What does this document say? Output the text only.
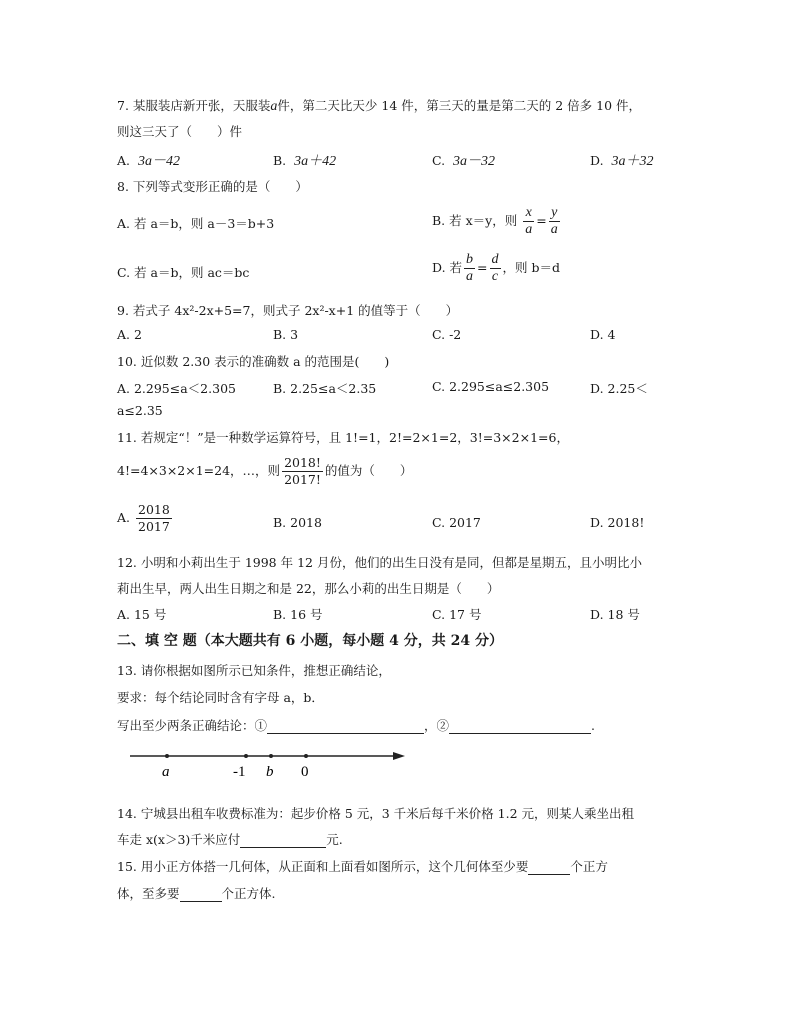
7. 某服装店新开张，天服装a件，第二天比天少 14 件，第三天的量是第二天的 2 倍多 10 件，
则这三天了（　　）件
A. 3a－42	B. 3a＋42	C. 3a－32	D. 3a＋32
8. 下列等式变形正确的是（　　）
A. 若 a＝b，则 a－3＝b+3	B. 若 x＝y，则 $\frac{x}{a} = \frac{y}{a}$
C. 若 a＝b，则 ac＝bc	D. 若 $\frac{b}{a} = \frac{d}{c}$ ，则 b＝d
9. 若式子 4x²-2x+5=7，则式子 2x²-x+1 的值等于（　　）
A. 2	B. 3	C. -2	D. 4
10. 近似数 2.30 表示的准确数 a 的范围是(　　)
A. 2.295≤a＜2.305	B. 2.25≤a＜2.35	C. 2.295≤a≤2.305	D. 2.25＜
a≤2.35
11. 若规定“！”是一种数学运算符号，且 1!=1，2!=2×1=2，3!=3×2×1=6，
4!=4×3×2×1=24，…，则 $\frac{2018!}{2017!}$ 的值为（　　）
A. $\frac{2018}{2017}$	B. 2018	C. 2017	D. 2018!
12. 小明和小莉出生于 1998 年 12 月份，他们的出生日没有是同，但都是星期五，且小明比小
莉出生早，两人出生日期之和是 22，那么小莉的出生日期是（　　）
A. 15 号	B. 16 号	C. 17 号	D. 18 号
二、填 空 题（本大题共有 6 小题，每小题 4 分，共 24 分）
13. 请你根据如图所示已知条件，推想正确结论，
要求：每个结论同时含有字母 a，b．
写出至少两条正确结论：①	，②	.
a	-1 b 0
14. 宁城县出租车收费标准为：起步价格 5 元，3 千米后每千米价格 1.2 元，则某人乘坐出租
车走 x(x＞3)千米应付	元.
15. 用小正方体搭一几何体，从正面和上面看如图所示，这个几何体至少要	个正方
体，至多要	个正方体.
